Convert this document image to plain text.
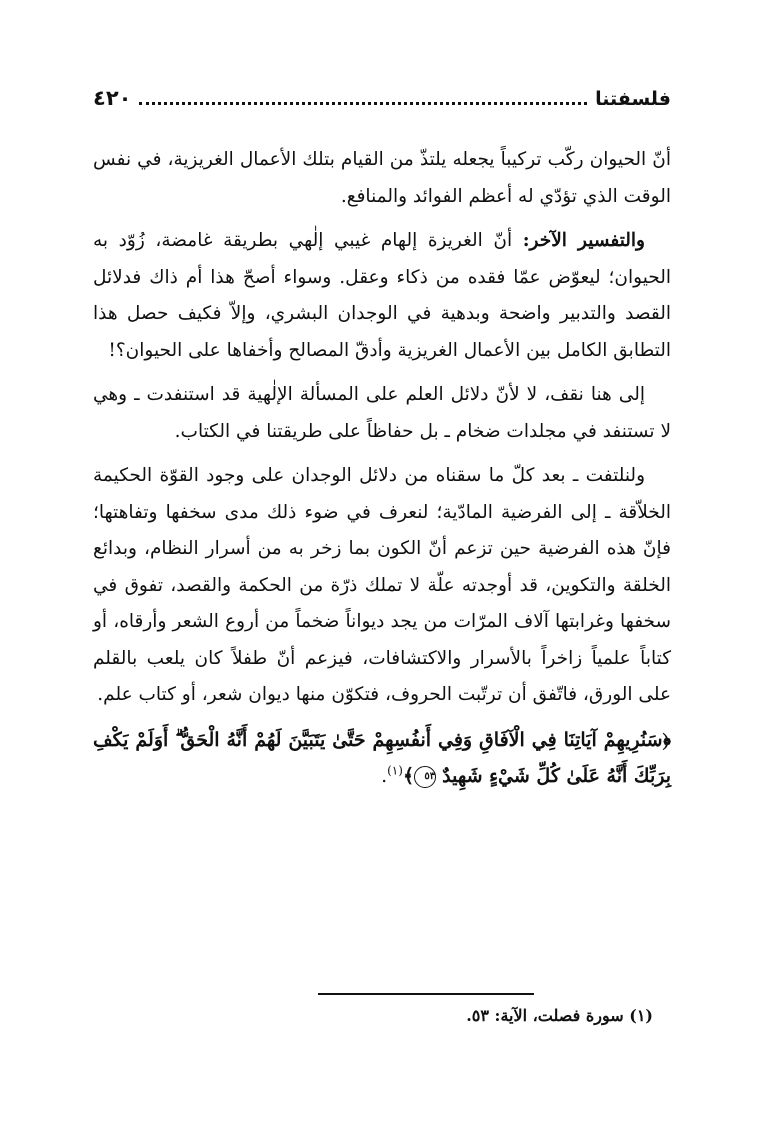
فلسفتنا
٤٢٠

أنّ الحيوان ركّب تركيباً يجعله يلتذّ من القيام بتلك الأعمال الغريزية، في نفس الوقت الذي تؤدّي له أعظم الفوائد والمنافع.

والتفسير الآخر: أنّ الغريزة إلهام غيبي إلٰهي بطريقة غامضة، زُوّد به الحيوان؛ ليعوّض عمّا فقده من ذكاء وعقل. وسواء أصحّ هذا أم ذاك فدلائل القصد والتدبير واضحة وبدهية في الوجدان البشري، وإلاّ فكيف حصل هذا التطابق الكامل بين الأعمال الغريزية وأدقّ المصالح وأخفاها على الحيوان؟!

إلى هنا نقف، لا لأنّ دلائل العلم على المسألة الإلٰهية قد استنفدت ـ وهي لا تستنفد في مجلدات ضخام ـ بل حفاظاً على طريقتنا في الكتاب.

ولنلتفت ـ بعد كلّ ما سقناه من دلائل الوجدان على وجود القوّة الحكيمة الخلاّقة ـ إلى الفرضية المادّية؛ لنعرف في ضوء ذلك مدى سخفها وتفاهتها؛ فإنّ هذه الفرضية حين تزعم أنّ الكون بما زخر به من أسرار النظام، وبدائع الخلقة والتكوين، قد أوجدته علّة لا تملك ذرّة من الحكمة والقصد، تفوق في سخفها وغرابتها آلاف المرّات من يجد ديواناً ضخماً من أروع الشعر وأرقاه، أو كتاباً علمياً زاخراً بالأسرار والاكتشافات، فيزعم أنّ طفلاً كان يلعب بالقلم على الورق، فاتّفق أن ترتّبت الحروف، فتكوّن منها ديوان شعر، أو كتاب علم.

﴿سَنُرِيهِمْ آيَاتِنَا فِي الْآفَاقِ وَفِي أَنفُسِهِمْ حَتَّىٰ يَتَبَيَّنَ لَهُمْ أَنَّهُ الْحَقُّ ۗ أَوَلَمْ يَكْفِ بِرَبِّكَ أَنَّهُ عَلَىٰ كُلِّ شَيْءٍ شَهِيدٌ ٥٣﴾$^{(١)}$.

(١) سورة فصلت، الآية: ٥٣.
